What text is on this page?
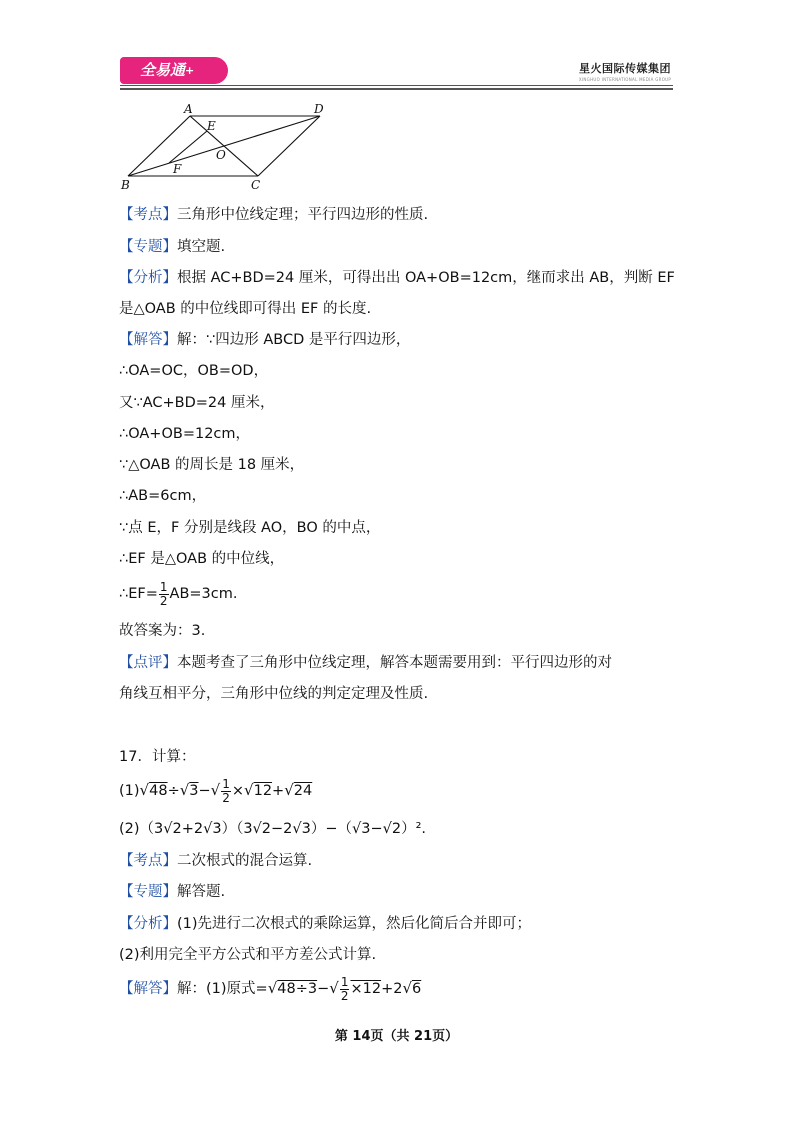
全易通+	星火国际传媒集团
XINGHUO INTERNATIONAL MEDIA GROUP
A	D
E
O
F
B	C
【考点】三角形中位线定理；平行四边形的性质.
【专题】填空题.
【分析】根据 AC+BD=24 厘米，可得出出 OA+OB=12cm，继而求出 AB，判断 EF
是△OAB 的中位线即可得出 EF 的长度.
【解答】解：∵四边形 ABCD 是平行四边形，
∴OA=OC，OB=OD，
又∵AC+BD=24 厘米，
∴OA+OB=12cm，
∵△OAB 的周长是 18 厘米，
∴AB=6cm，
∵点 E，F 分别是线段 AO，BO 的中点，
∴EF 是△OAB 的中位线，
∴EF= $\frac{1}{2} AB=3cm$.
故答案为：3.
【点评】本题考查了三角形中位线定理，解答本题需要用到：平行四边形的对
角线互相平分，三角形中位线的判定定理及性质.
17．计算：
$(1)√48\div√3-√ \frac{1}{2} \times√12+√24$
(2)（3√2+2√3）（3√2−2√3）−（√3−√2）².
【考点】二次根式的混合运算.
【专题】解答题.
【分析】(1)先进行二次根式的乘除运算，然后化简后合并即可；
(2)利用完全平方公式和平方差公式计算.
【解答】解：(1)原式$=√48\div 3-√ \frac{1}{2} \times 12+2√6$
第 14页（共 21页）
